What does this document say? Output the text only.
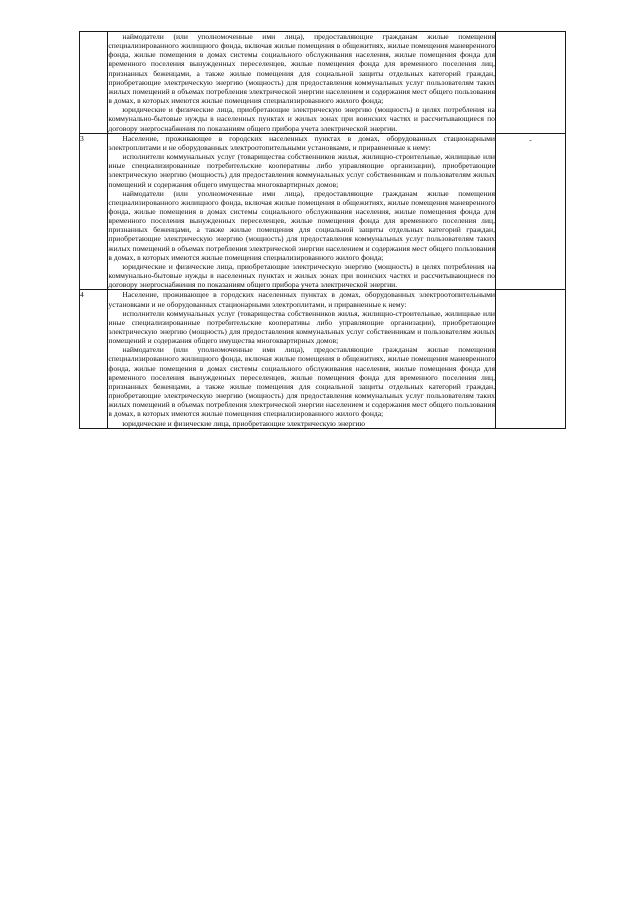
	наймодатели (или уполномоченные ими лица), предоставляющие гражданам жилые помещения специализированного жилищного фонда, включая жилые помещения в общежитиях, жилые помещения маневренного фонда, жилые помещения в домах системы социального обслуживания населения, жилые помещения фонда для временного поселения вынужденных переселенцев, жилые помещения фонда для временного поселения лиц, признанных беженцами, а также жилые помещения для социальной защиты отдельных категорий граждан, приобретающие электрическую энергию (мощность) для предоставления коммунальных услуг пользователям таких жилых помещений в объемах потребления электрической энергии населением и содержания мест общего пользования в домах, в которых имеются жилые помещения специализированного жилого фонда;

юридические и физические лица, приобретающие электрическую энергию (мощность) в целях потребления на коммунально-бытовые нужды в населенных пунктах и жилых зонах при воинских частях и рассчитывающиеся по договору энергоснабжения по показаниям общего прибора учета электрической энергии.	

3	Население, проживающее в городских населенных пунктах в домах, оборудованных стационарными электроплитами и не оборудованных электроотопительными установками, и приравненные к нему:

исполнители коммунальных услуг (товарищества собственников жилья, жилищно-строительные, жилищные или иные специализированные потребительские кооперативы либо управляющие организации), приобретающие электрическую энергию (мощность) для предоставления коммунальных услуг собственникам и пользователям жилых помещений и содержания общего имущества многоквартирных домов;

наймодатели (или уполномоченные ими лица), предоставляющие гражданам жилые помещения специализированного жилищного фонда, включая жилые помещения в общежитиях, жилые помещения маневренного фонда, жилые помещения в домах системы социального обслуживания населения, жилые помещения фонда для временного поселения вынужденных переселенцев, жилые помещения фонда для временного поселения лиц, признанных беженцами, а также жилые помещения для социальной защиты отдельных категорий граждан, приобретающие электрическую энергию (мощность) для предоставления коммунальных услуг пользователям таких жилых помещений в объемах потребления электрической энергии населением и содержания мест общего пользования в домах, в которых имеются жилые помещения специализированного жилого фонда;

юридические и физические лица, приобретающие электрическую энергию (мощность) в целях потребления на коммунально-бытовые нужды в населенных пунктах и жилых зонах при воинских частях и рассчитывающиеся по договору энергоснабжения по показаниям общего прибора учета электрической энергии.	-

4	Население, проживающее в городских населенных пунктах в домах, оборудованных электроотопительными установками и не оборудованных стационарными электроплитами, и приравненные к нему:

исполнители коммунальных услуг (товарищества собственников жилья, жилищно-строительные, жилищные или иные специализированные потребительские кооперативы либо управляющие организации), приобретающие электрическую энергию (мощность) для предоставления коммунальных услуг собственникам и пользователям жилых помещений и содержания общего имущества многоквартирных домов;

наймодатели (или уполномоченные ими лица), предоставляющие гражданам жилые помещения специализированного жилищного фонда, включая жилые помещения в общежитиях, жилые помещения маневренного фонда, жилые помещения в домах системы социального обслуживания населения, жилые помещения фонда для временного поселения вынужденных переселенцев, жилые помещения фонда для временного поселения лиц, признанных беженцами, а также жилые помещения для социальной защиты отдельных категорий граждан, приобретающие электрическую энергию (мощность) для предоставления коммунальных услуг пользователям таких жилых помещений в объемах потребления электрической энергии населением и содержания мест общего пользования в домах, в которых имеются жилые помещения специализированного жилого фонда;

юридические и физические лица, приобретающие электрическую энергию	
